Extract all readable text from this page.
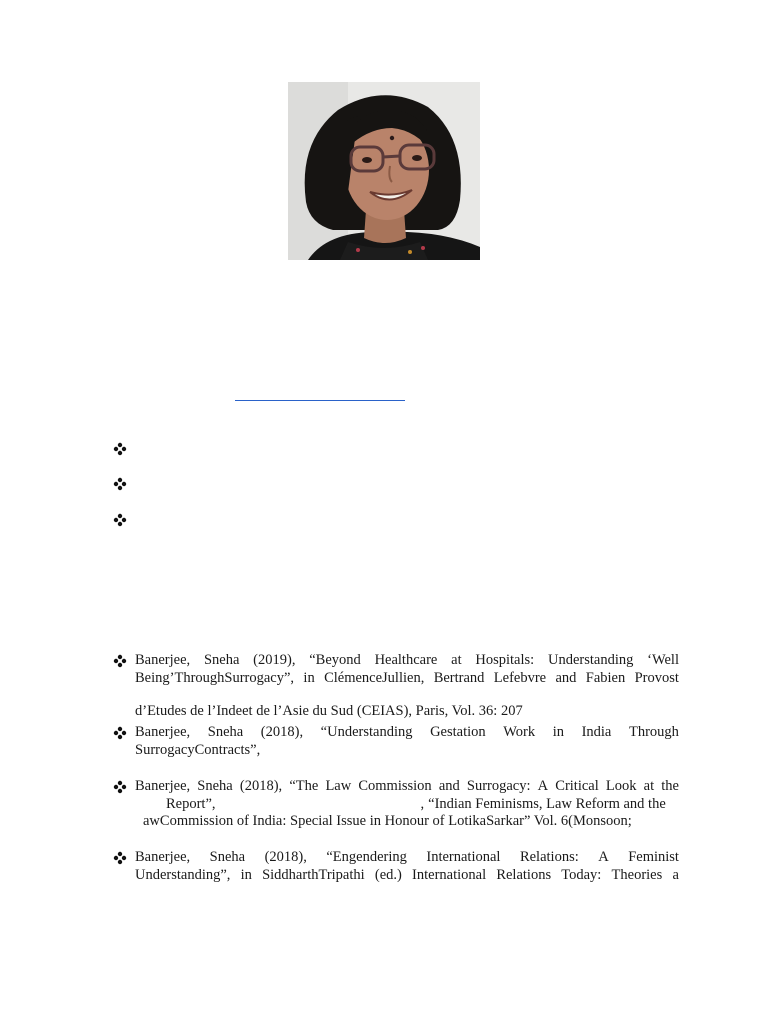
Banerjee, Sneha (2019), “Beyond Healthcare at Hospitals: Understanding ‘Well
Being’ThroughSurrogacy”, in ClémenceJullien, Bertrand Lefebvre and Fabien Provost
d’Etudes de l’Indeet de l’Asie du Sud (CEIAS), Paris, Vol. 36: 207
Banerjee, Sneha (2018), “Understanding Gestation Work in India Through
SurrogacyContracts”,
Banerjee, Sneha (2018), “The Law Commission and Surrogacy: A Critical Look at the
Report”,	, “Indian Feminisms, Law Reform and the
awCommission of India: Special Issue in Honour of LotikaSarkar” Vol. 6(Monsoon;
Banerjee, Sneha (2018), “Engendering International Relations: A Feminist
Understanding”, in SiddharthTripathi (ed.) International Relations Today: Theories a
